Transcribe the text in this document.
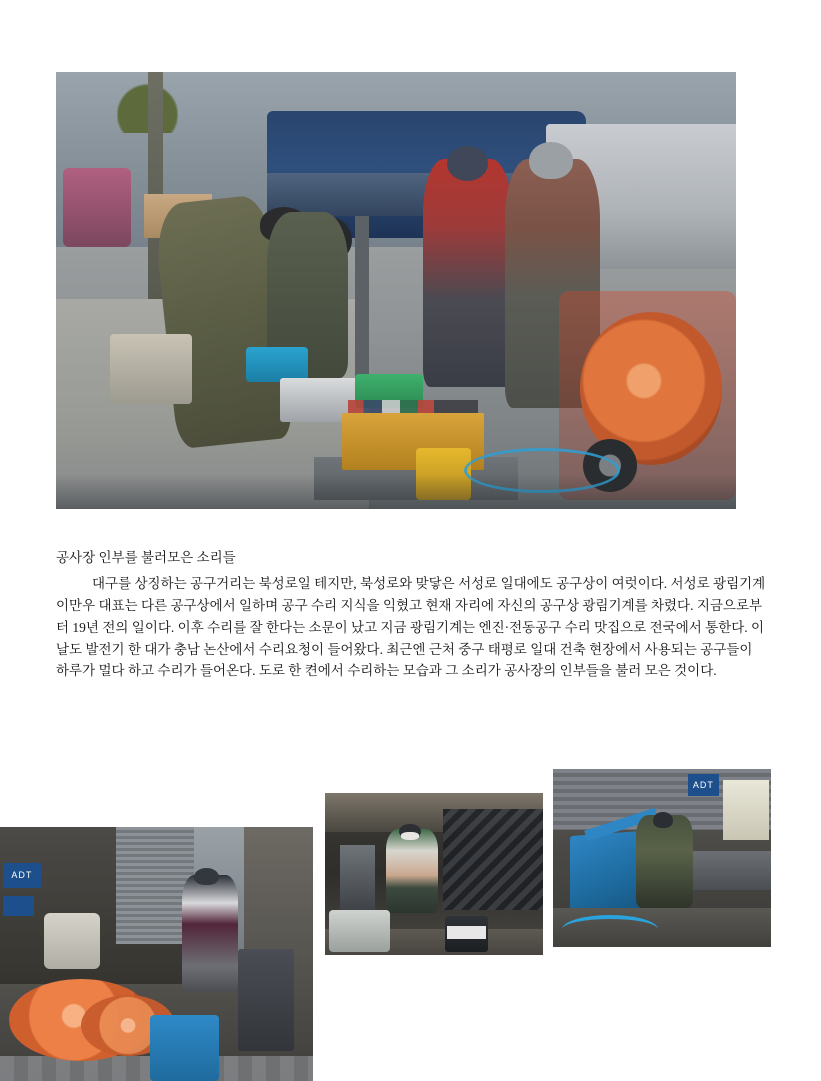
공사장 인부를 불러모은 소리들

대구를 상징하는 공구거리는 북성로일 테지만, 북성로와 맞닿은 서성로 일대에도 공구상이 여럿이다. 서성로 광림기계 이만우 대표는 다른 공구상에서 일하며 공구 수리 지식을 익혔고 현재 자리에 자신의 공구상 광림기계를 차렸다. 지금으로부터 19년 전의 일이다. 이후 수리를 잘 한다는 소문이 났고 지금 광림기계는 엔진·전동공구 수리 맛집으로 전국에서 통한다. 이 날도 발전기 한 대가 충남 논산에서 수리요청이 들어왔다. 최근엔 근처 중구 태평로 일대 건축 현장에서 사용되는 공구들이 하루가 멀다 하고 수리가 들어온다. 도로 한 켠에서 수리하는 모습과 그 소리가 공사장의 인부들을 불러 모은 것이다.

ADT
ADT
